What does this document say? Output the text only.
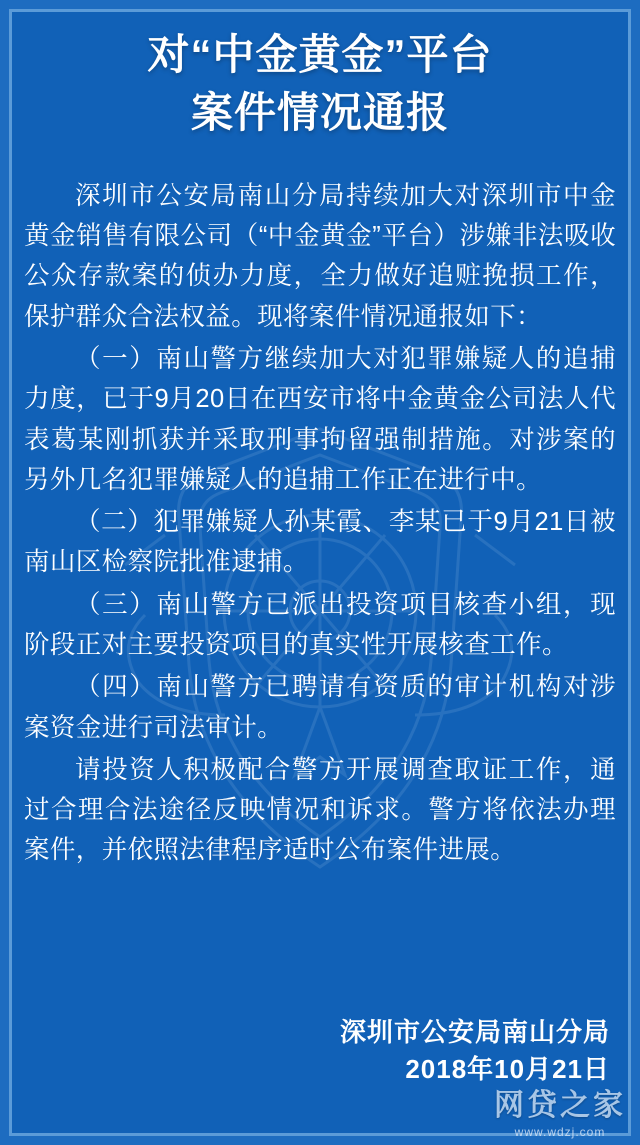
对“中金黄金”平台
案件情况通报

深圳市公安局南山分局持续加大对深圳市中金黄金销售有限公司（“中金黄金”平台）涉嫌非法吸收公众存款案的侦办力度，全力做好追赃挽损工作，保护群众合法权益。现将案件情况通报如下：

（一）南山警方继续加大对犯罪嫌疑人的追捕力度，已于9月20日在西安市将中金黄金公司法人代表葛某刚抓获并采取刑事拘留强制措施。对涉案的另外几名犯罪嫌疑人的追捕工作正在进行中。

（二）犯罪嫌疑人孙某霞、李某已于9月21日被南山区检察院批准逮捕。

（三）南山警方已派出投资项目核查小组，现阶段正对主要投资项目的真实性开展核查工作。

（四）南山警方已聘请有资质的审计机构对涉案资金进行司法审计。

请投资人积极配合警方开展调查取证工作，通过合理合法途径反映情况和诉求。警方将依法办理案件，并依照法律程序适时公布案件进展。

深圳市公安局南山分局
2018年10月21日
网贷之家
www.wdzj.com
